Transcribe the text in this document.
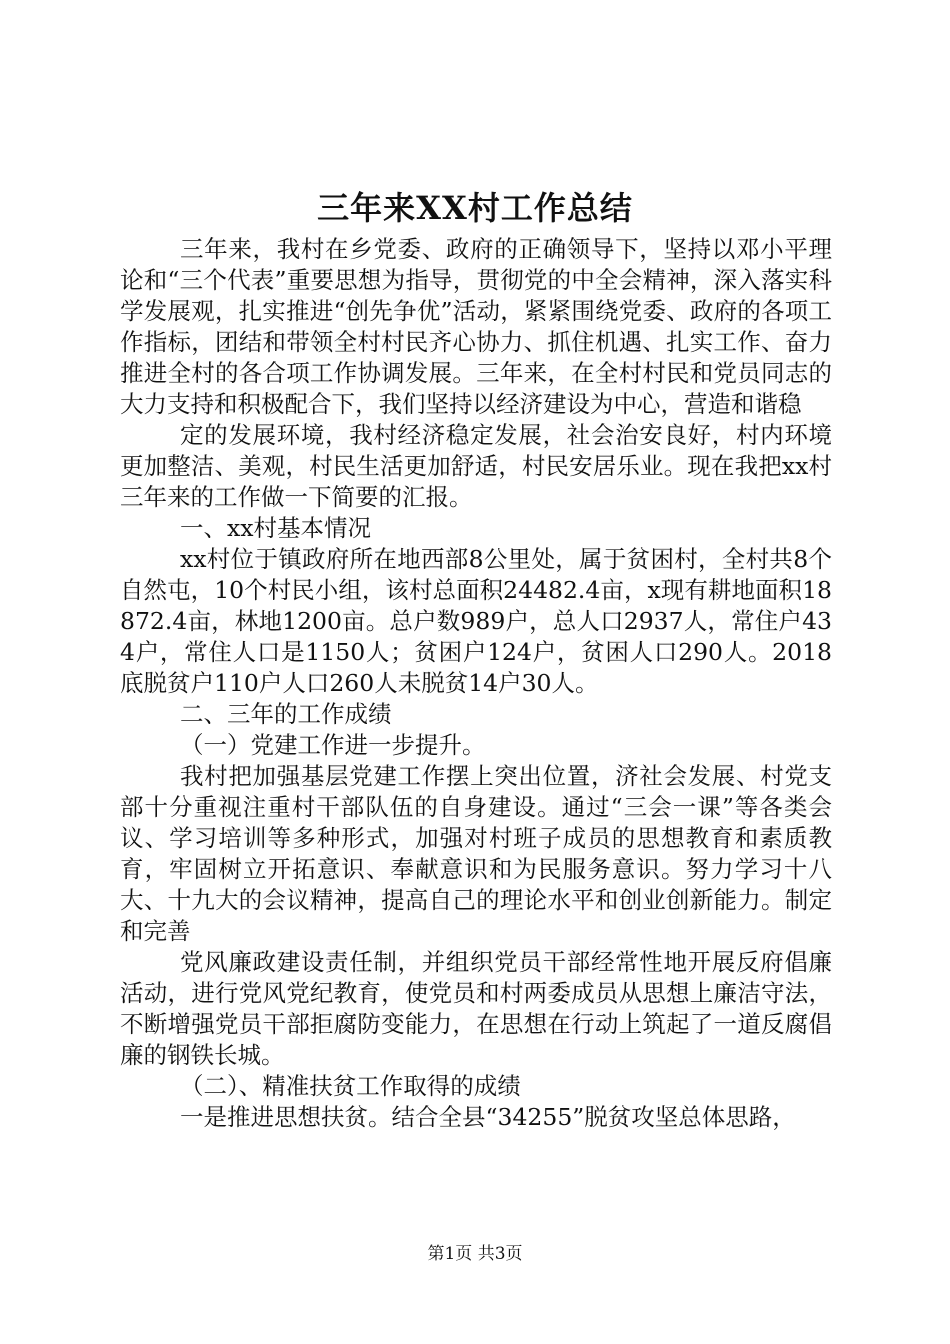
三年来XX村工作总结

三年来，我村在乡党委、政府的正确领导下，坚持以邓小平理论和“三个代表”重要思想为指导，贯彻党的中全会精神，深入落实科学发展观，扎实推进“创先争优”活动，紧紧围绕党委、政府的各项工作指标，团结和带领全村村民齐心协力、抓住机遇、扎实工作、奋力推进全村的各合项工作协调发展。三年来，在全村村民和党员同志的大力支持和积极配合下，我们坚持以经济建设为中心，营造和谐稳

定的发展环境，我村经济稳定发展，社会治安良好，村内环境更加整洁、美观，村民生活更加舒适，村民安居乐业。现在我把xx村三年来的工作做一下简要的汇报。

一、xx村基本情况

xx村位于镇政府所在地西部8公里处，属于贫困村，全村共8个自然屯，10个村民小组，该村总面积24482.4亩，x现有耕地面积18872.4亩，林地1200亩。总户数989户，总人口2937人，常住户434户，常住人口是1150人；贫困户124户，贫困人口290人。2018底脱贫户110户人口260人未脱贫14户30人。

二、三年的工作成绩

（一）党建工作进一步提升。

我村把加强基层党建工作摆上突出位置，济社会发展、村党支部十分重视注重村干部队伍的自身建设。通过“三会一课”等各类会议、学习培训等多种形式，加强对村班子成员的思想教育和素质教育，牢固树立开拓意识、奉献意识和为民服务意识。努力学习十八大、十九大的会议精神，提高自己的理论水平和创业创新能力。制定和完善

党风廉政建设责任制，并组织党员干部经常性地开展反府倡廉活动，进行党风党纪教育，使党员和村两委成员从思想上廉洁守法，不断增强党员干部拒腐防变能力，在思想在行动上筑起了一道反腐倡廉的钢铁长城。

（二）、精准扶贫工作取得的成绩

一是推进思想扶贫。结合全县“34255”脱贫攻坚总体思路，

第1页 共3页
